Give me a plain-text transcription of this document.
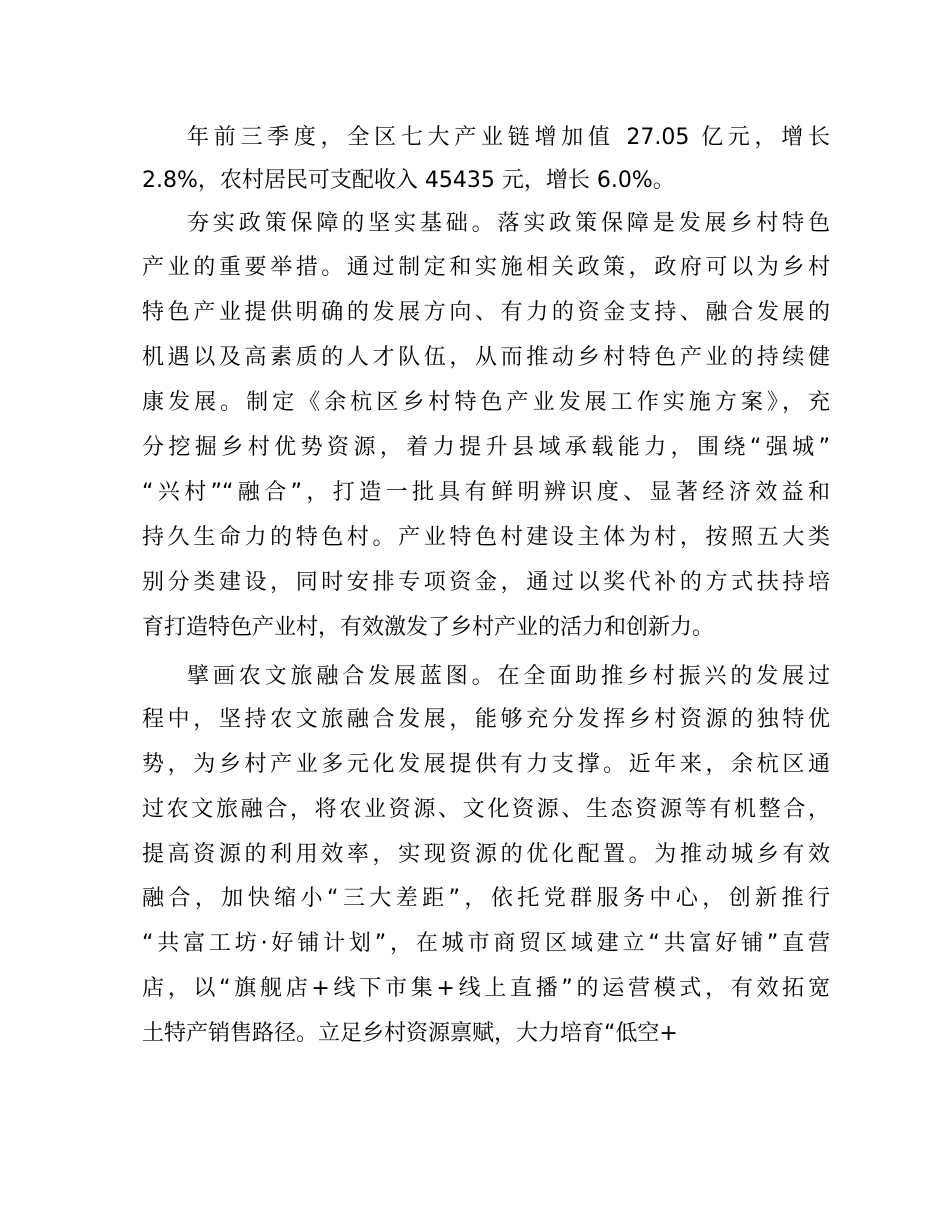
年前三季度，全区七大产业链增加值 27.05 亿元，增长
2.8%，农村居民可支配收入 45435 元，增长 6.0%。
夯实政策保障的坚实基础。落实政策保障是发展乡村特色
产业的重要举措。通过制定和实施相关政策，政府可以为乡村
特色产业提供明确的发展方向、有力的资金支持、融合发展的
机遇以及高素质的人才队伍，从而推动乡村特色产业的持续健
康发展。制定《余杭区乡村特色产业发展工作实施方案》，充
分挖掘乡村优势资源，着力提升县域承载能力，围绕“强城”
“兴村”“融合”，打造一批具有鲜明辨识度、显著经济效益和
持久生命力的特色村。产业特色村建设主体为村，按照五大类
别分类建设，同时安排专项资金，通过以奖代补的方式扶持培
育打造特色产业村，有效激发了乡村产业的活力和创新力。
擘画农文旅融合发展蓝图。在全面助推乡村振兴的发展过
程中，坚持农文旅融合发展，能够充分发挥乡村资源的独特优
势，为乡村产业多元化发展提供有力支撑。近年来，余杭区通
过农文旅融合，将农业资源、文化资源、生态资源等有机整合，
提高资源的利用效率，实现资源的优化配置。为推动城乡有效
融合，加快缩小“三大差距”，依托党群服务中心，创新推行
“共富工坊·好铺计划”，在城市商贸区域建立“共富好铺”直营
店，以“旗舰店+线下市集+线上直播”的运营模式，有效拓宽
土特产销售路径。立足乡村资源禀赋，大力培育“低空+
